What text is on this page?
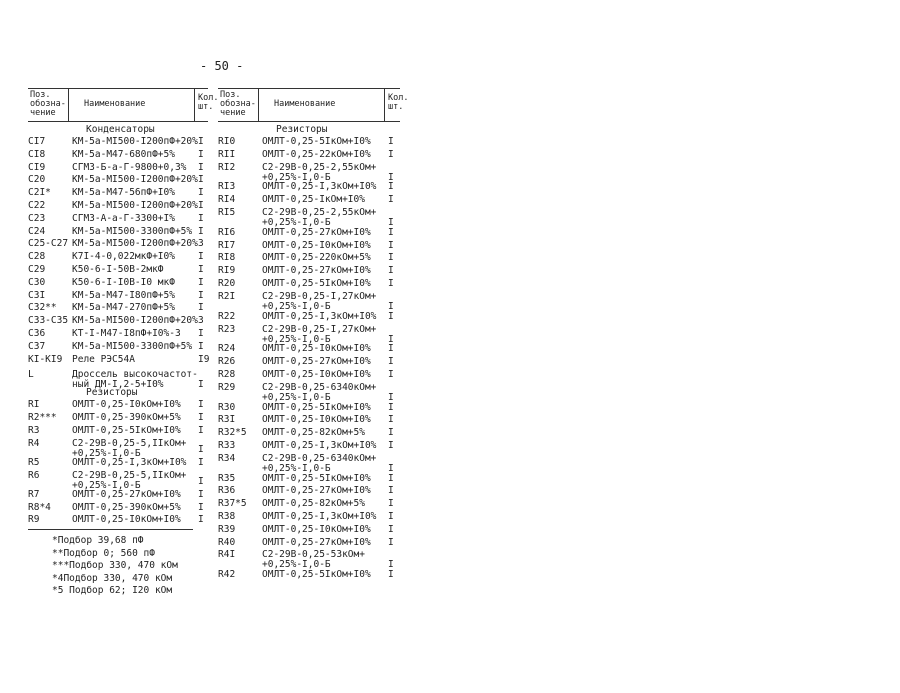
- 50 -
Поз. обозна- чение
Наименование
Кол. шт.
Конденсаторы
CI7	КМ-5а-МI500-I200пФ+20% I
CI8	КМ-5а-М47-680пФ+5% I
CI9	СГМ3-Б-а-Г-9800+0,3% I
C20	КМ-5а-МI500-I200пФ+20% I
C2I* КМ-5а-М47-56пФ+I0% I
C22	КМ-5а-МI500-I200пФ+20% I
C23	СГМ3-А-а-Г-3300+I% I
C24	КМ-5а-МI500-3300пФ+5% I
C25-C27 КМ-5а-МI500-I200пФ+20% 3
C28	К7I-4-0,022мкФ+I0% I
C29	К50-6-I-50В-2мкФ	I
C30	К50-6-I-I0В-I0 мкФ I
C3I	КМ-5а-М47-I80пФ+5% I
C32** КМ-5а-М47-270пФ+5% I
C33-C35 КМ-5а-МI500-I200пФ+20% 3
C36	КТ-I-М47-I8пФ+I0%-3 I
C37	КМ-5а-МI500-3300пФ+5% I
KI-KI9 Реле РЭС54А	I9
L	Дроссель высокочастот-
ный ДМ-I,2-5+I0%	I
Резисторы
RI	ОМЛТ-0,25-I0кОм+I0% I
R2*** ОМЛТ-0,25-390кОм+5% I
R3	ОМЛТ-0,25-5IкОм+I0% I
R4	С2-29В-0,25-5,IIкОм+
+0,25%-I,0-Б	I
R5	ОМЛТ-0,25-I,3кОм+I0% I
R6	С2-29В-0,25-5,IIкОм+
+0,25%-I,0-Б	I
R7	ОМЛТ-0,25-27кОм+I0% I
R8*4 ОМЛТ-0,25-390кОм+5% I
R9	ОМЛТ-0,25-I0кОм+I0% I
*Подбор 39,68 пФ
**Подбор 0; 560 пФ
***Подбор 330, 470 кОм
*4Подбор 330, 470 кОм
*5 Подбор 62; I20 кОм
Поз. обозна- чение
Наименование
Кол. шт.
Резисторы
RI0	ОМЛТ-0,25-5IкОм+I0% I
RII	ОМЛТ-0,25-22кОм+I0% I
RI2	С2-29В-0,25-2,55кОм+
+0,25%-I,0-Б	I
RI3	ОМЛТ-0,25-I,3кОм+I0% I
RI4	ОМЛТ-0,25-IкОм+I0% I
RI5	С2-29В-0,25-2,55кОм+
+0,25%-I,0-Б	I
RI6	ОМЛТ-0,25-27кОм+I0% I
RI7	ОМЛТ-0,25-I0кОм+I0% I
RI8	ОМЛТ-0,25-220кОм+5% I
RI9	ОМЛТ-0,25-27кОм+I0% I
R20	ОМЛТ-0,25-5IкОм+I0% I
R2I	С2-29В-0,25-I,27кОм+
+0,25%-I,0-Б	I
R22	ОМЛТ-0,25-I,3кОм+I0% I
R23	С2-29В-0,25-I,27кОм+
+0,25%-I,0-Б	I
R24	ОМЛТ-0,25-I0кОм+I0% I
R26	ОМЛТ-0,25-27кОм+I0% I
R28	ОМЛТ-0,25-I0кОм+I0% I
R29	С2-29В-0,25-6340кОм+
+0,25%-I,0-Б	I
R30	ОМЛТ-0,25-5IкОм+I0% I
R3I	ОМЛТ-0,25-I0кОм+I0% I
R32*5 ОМЛТ-0,25-82кОм+5% I
R33	ОМЛТ-0,25-I,3кОм+I0% I
R34	С2-29В-0,25-6340кОм+
+0,25%-I,0-Б	I
R35	ОМЛТ-0,25-5IкОм+I0% I
R36	ОМЛТ-0,25-27кОм+I0% I
R37*5 ОМЛТ-0,25-82кОм+5% I
R38	ОМЛТ-0,25-I,3кОм+I0% I
R39	ОМЛТ-0,25-I0кОм+I0% I
R40	ОМЛТ-0,25-27кОм+I0% I
R4I	С2-29В-0,25-53кОм+
+0,25%-I,0-Б	I
R42	ОМЛТ-0,25-5IкОм+I0% I
